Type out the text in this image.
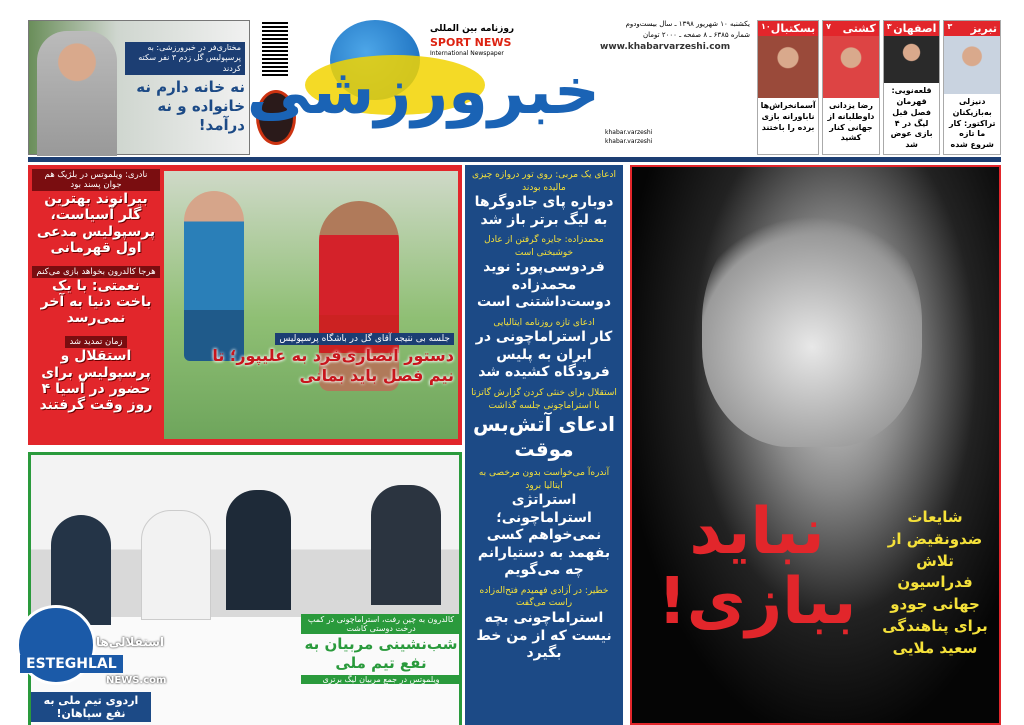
مختاری‌فر در خبرورزشی: به پرسپولیس گل زدم ۳ نفر سکته کردند
نه خانه دارم نه خانواده و نه درآمد! خبرورزشی
روزنامه بین المللی
SPORT NEWS
International Newspaper
یکشنبه ۱۰ شهریور ۱۳۹۸ ـ سال بیست‌ودوم
شماره ۶۳۸۵ ـ ۸ صفحه ـ ۲۰۰۰ تومان
www.khabarvarzeshi.com
khabar.varzeshi
khabar.varzeshi
تبریز
۳
دنیزلی به‌بازیکنان تراکتور: کار ما تازه شروع شده
اصفهان
۳
قلعه‌نویی: قهرمان فصل قبل لیگ در ۴ بازی عوض شد
کشتی
۷
رضا یزدانی داوطلبانه از جهانی کنار کشید
بسکتبال
۱۰
آسمانخراش‌ها ناباورانه بازی برده را باختند
جلسه بی نتیجه آقای گل در باشگاه پرسپولیس
دستور انصاری‌فرد به علیپور؛ تا نیم فصل باید بمانی
نادری: ویلموتس در بلژیک هم جوان پسند بود
بیرانوند بهترین گلر آسیاست، پرسپولیس مدعی اول قهرمانی
هرجا کالدرون بخواهد بازی می‌کنم
نعمتی: با یک باخت دنیا به آخر نمی‌رسد
زمان تمدید شد
استقلال و پرسپولیس برای حضور در آسیا ۴ روز وقت گرفتند
کالدرون به چین رفت، استراماچونی در کمپ درخت دوستی کاشت
شب‌نشینی مربیان به نفع تیم ملی
ویلموتس در جمع مربیان لیگ برتری
اردوی تیم ملی به نفع سپاهان!
ادعای یک مربی: روی تور دروازه چیزی مالیده بودند
دوباره پای جادوگرها به لیگ برتر باز شد
محمدزاده: جایزه گرفتن از عادل خوشبختی است
فردوسی‌پور: نوید محمدزاده دوست‌داشتنی است
ادعای تازه روزنامه ایتالیایی
کار استراماچونی در ایران به پلیس فرودگاه کشیده شد
استقلال برای خنثی کردن گزارش گاتزتا با استراماچونی جلسه گذاشت
ادعای آتش‌بس موقت
آندره‌آ می‌خواست بدون مرخصی به ایتالیا برود
استراتژی استراماچونی؛ نمی‌خواهم کسی بفهمد به دستیارانم چه می‌گویم
خطیر: در آزادی فهمیدم فتح‌اله‌زاده راست می‌گفت
استراماچونی بچه نیست که از من خط بگیرد
نباید ببازی!
شایعات ضدونقیض از تلاش فدراسیون جهانی جودو برای پناهندگی سعید ملایی
استقلالی‌ها
ESTEGHLAL
NEWS.com
